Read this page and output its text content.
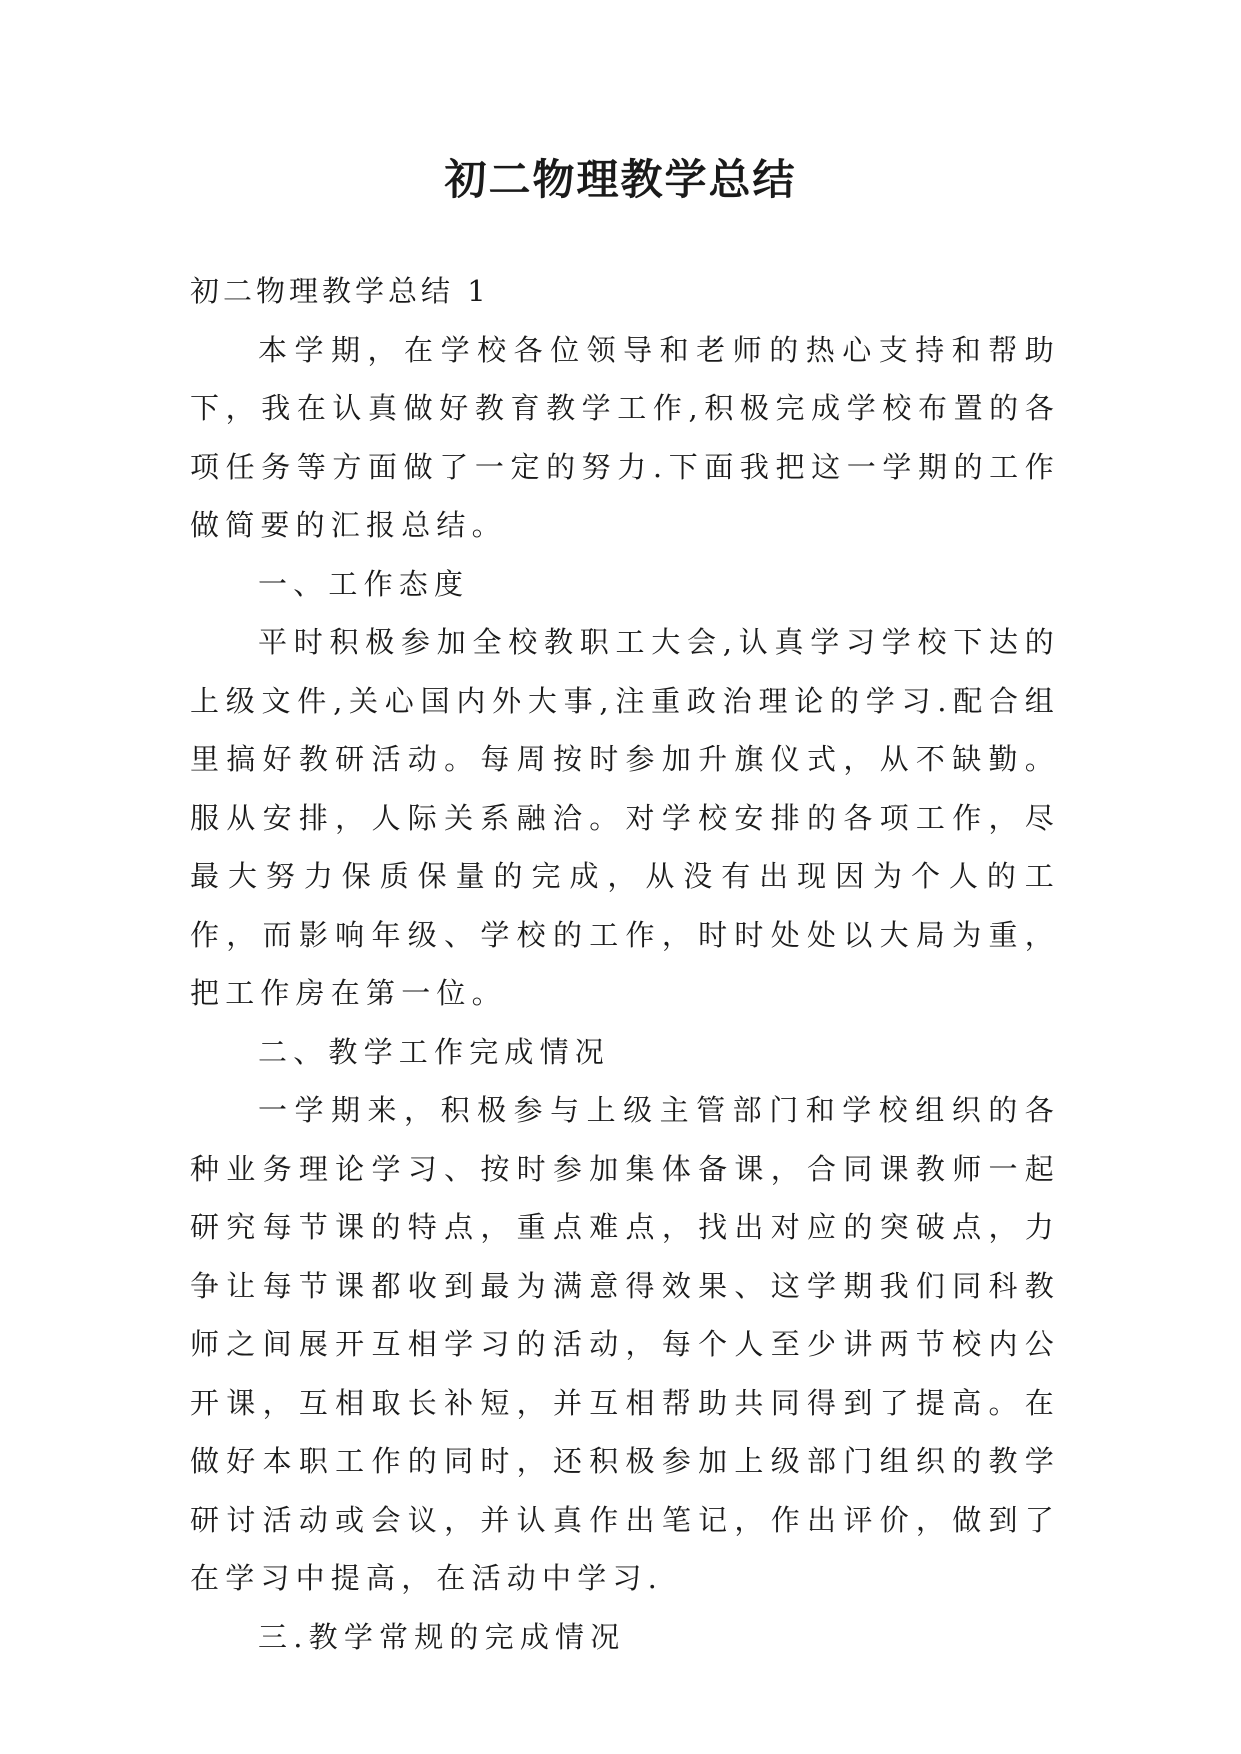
初二物理教学总结

初二物理教学总结 1

本学期，在学校各位领导和老师的热心支持和帮助下，我在认真做好教育教学工作,积极完成学校布置的各项任务等方面做了一定的努力.下面我把这一学期的工作做简要的汇报总结。

一、工作态度

平时积极参加全校教职工大会,认真学习学校下达的上级文件,关心国内外大事,注重政治理论的学习.配合组里搞好教研活动。每周按时参加升旗仪式，从不缺勤。服从安排，人际关系融洽。对学校安排的各项工作，尽最大努力保质保量的完成，从没有出现因为个人的工作，而影响年级、学校的工作，时时处处以大局为重，把工作房在第一位。

二、教学工作完成情况

一学期来，积极参与上级主管部门和学校组织的各种业务理论学习、按时参加集体备课，合同课教师一起研究每节课的特点，重点难点，找出对应的突破点，力争让每节课都收到最为满意得效果、这学期我们同科教师之间展开互相学习的活动，每个人至少讲两节校内公开课，互相取长补短，并互相帮助共同得到了提高。在做好本职工作的同时，还积极参加上级部门组织的教学研讨活动或会议，并认真作出笔记，作出评价，做到了在学习中提高，在活动中学习.

三.教学常规的完成情况
